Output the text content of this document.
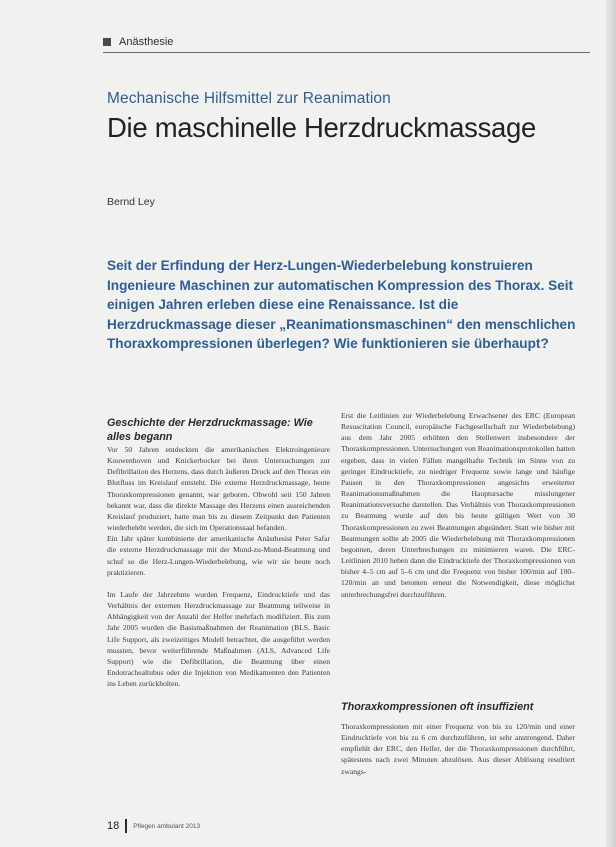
Anästhesie
Mechanische Hilfsmittel zur Reanimation
Die maschinelle Herzdruckmassage
Bernd Ley

Seit der Erfindung der Herz-Lungen-Wiederbelebung konstruieren Ingenieure Maschinen zur automatischen Kompression des Thorax. Seit einigen Jahren erleben diese eine Renaissance. Ist die Herzdruckmassage dieser „Reanimationsmaschinen“ den menschlichen Thoraxkompressionen überlegen? Wie funktionieren sie überhaupt?

Geschichte der Herzdruckmassage: Wie alles begann

Vor 50 Jahren entdeckten die amerikanischen Elektroingenieure Kouwenhoven und Knickerbocker bei ihren Untersuchungen zur Defibrillation des Herzens, dass durch äußeren Druck auf den Thorax ein Blutfluss im Kreislauf entsteht. Die externe Herzdruckmassage, heute Thoraxkompressionen genannt, war geboren. Obwohl seit 150 Jahren bekannt war, dass die direkte Massage des Herzens einen ausreichenden Kreislauf produziert, hatte man bis zu diesem Zeitpunkt den Patienten wiederbelebt werden, die sich im Operationssaal befanden.

Ein Jahr später kombinierte der amerikanische Anästhesist Peter Safar die externe Herzdruckmassage mit der Mund-zu-Mund-Beatmung und schuf so die Herz-Lungen-Wiederbelebung, wie wir sie heute noch praktizieren.

Im Laufe der Jahrzehnte wurden Frequenz, Eindrucktiefe und das Verhältnis der externen Herzdruckmassage zur Beatmung teilweise in Abhängigkeit von der Anzahl der Helfer mehrfach modifiziert. Bis zum Jahr 2005 wurden die Basismaßnahmen der Reanimation (BLS, Basic Life Support, als zweizeitiges Modell betrachtet, die ausgeführt werden mussten, bevor weiterführende Maßnahmen (ALS, Advanced Life Support) wie die Defibrillation, die Beatmung über einen Endotrachealtubus oder die Injektion von Medikamenten den Patienten ins Leben zurückholten.

Erst die Leitlinien zur Wiederbelebung Erwachsener des ERC (European Resuscitation Council, europäische Fachgesellschaft zur Wiederbelebung) aus dem Jahr 2005 erhöhten den Stellenwert insbesondere der Thoraxkompressionen. Untersuchungen von Reanimationsprotokollen hatten ergeben, dass in vielen Fällen mangelhafte Technik im Sinne von zu geringer Eindrucktiefe, zu niedriger Frequenz sowie lange und häufige Pausen in den Thoraxkompressionen angesichts erweiterter Reanimationsmaßnahmen die Hauptursache misslungener Reanimationsversuche darstellen. Das Verhältnis von Thoraxkompressionen zu Beatmung wurde auf den bis heute gültigen Wert von 30 Thoraxkompressionen zu zwei Beatmungen abgeändert. Statt wie bisher mit Beatmungen sollte ab 2005 die Wiederbelebung mit Thoraxkompressionen begonnen, deren Unterbrechungen zu minimieren waren. Die ERC-Leitlinien 2010 heben dann die Eindrucktiefe der Thoraxkompressionen von bisher 4–5 cm auf 5–6 cm und die Frequenz von bisher 100/min auf 100–120/min an und betonten erneut die Notwendigkeit, diese möglichst unterbrechungsfrei durchzuführen.

Thoraxkompressionen oft insuffizient

Thoraxkompressionen mit einer Frequenz von bis zu 120/min und einer Eindrucktiefe von bis zu 6 cm durchzuführen, ist sehr anstrengend. Daher empfiehlt der ERC, den Helfer, der die Thoraxkompressionen durchführt, spätestens nach zwei Minuten abzulösen. Aus dieser Ablösung resultiert zwangs-

18 Pflegen ambulant 2013
